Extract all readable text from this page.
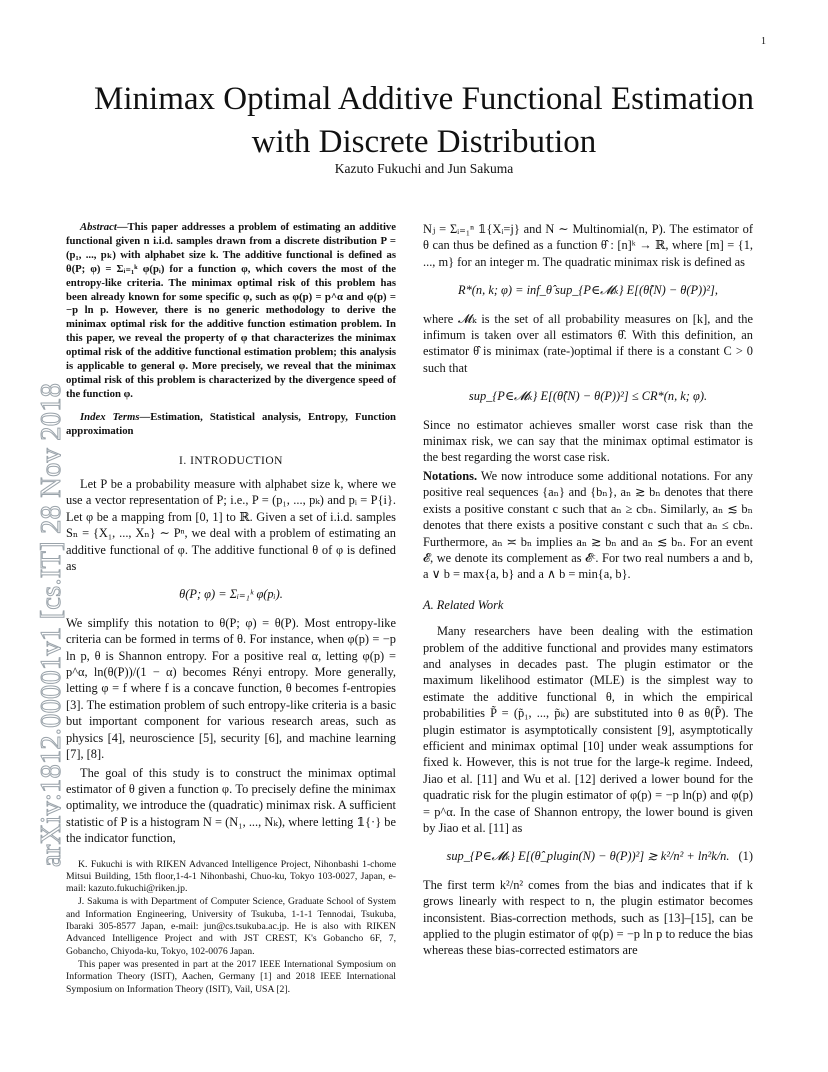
1
arXiv:1812.00001v1 [cs.IT] 28 Nov 2018
Minimax Optimal Additive Functional Estimation
with Discrete Distribution
Kazuto Fukuchi and Jun Sakuma

Abstract—This paper addresses a problem of estimating an additive functional given n i.i.d. samples drawn from a discrete distribution P = (p₁, ..., pₖ) with alphabet size k. The additive functional is defined as θ(P; φ) = Σᵢ₌₁ᵏ φ(pᵢ) for a function φ, which covers the most of the entropy-like criteria. The minimax optimal risk of this problem has been already known for some specific φ, such as φ(p) = p^α and φ(p) = −p ln p. However, there is no generic methodology to derive the minimax optimal risk for the additive function estimation problem. In this paper, we reveal the property of φ that characterizes the minimax optimal risk of the additive functional estimation problem; this analysis is applicable to general φ. More precisely, we reveal that the minimax optimal risk of this problem is characterized by the divergence speed of the function φ.

Index Terms—Estimation, Statistical analysis, Entropy, Function approximation

I. INTRODUCTION

Let P be a probability measure with alphabet size k, where we use a vector representation of P; i.e., P = (p₁, ..., pₖ) and pᵢ = P{i}. Let φ be a mapping from [0, 1] to ℝ. Given a set of i.i.d. samples Sₙ = {X₁, ..., Xₙ} ∼ Pⁿ, we deal with a problem of estimating an additive functional of φ. The additive functional θ of φ is defined as

θ(P; φ) = Σᵢ₌₁ᵏ φ(pᵢ).

We simplify this notation to θ(P; φ) = θ(P). Most entropy-like criteria can be formed in terms of θ. For instance, when φ(p) = −p ln p, θ is Shannon entropy. For a positive real α, letting φ(p) = p^α, ln(θ(P))/(1 − α) becomes Rényi entropy. More generally, letting φ = f where f is a concave function, θ becomes f-entropies [3]. The estimation problem of such entropy-like criteria is a basic but important component for various research areas, such as physics [4], neuroscience [5], security [6], and machine learning [7], [8].

The goal of this study is to construct the minimax optimal estimator of θ given a function φ. To precisely define the minimax optimality, we introduce the (quadratic) minimax risk. A sufficient statistic of P is a histogram N = (N₁, ..., Nₖ), where letting 𝟙{·} be the indicator function,

K. Fukuchi is with RIKEN Advanced Intelligence Project, Nihonbashi 1-chome Mitsui Building, 15th floor,1-4-1 Nihonbashi, Chuo-ku, Tokyo 103-0027, Japan, e-mail: kazuto.fukuchi@riken.jp.

J. Sakuma is with Department of Computer Science, Graduate School of System and Information Engineering, University of Tsukuba, 1-1-1 Tennodai, Tsukuba, Ibaraki 305-8577 Japan, e-mail: jun@cs.tsukuba.ac.jp. He is also with RIKEN Advanced Intelligence Project and with JST CREST, K's Gobancho 6F, 7, Gobancho, Chiyoda-ku, Tokyo, 102-0076 Japan.

This paper was presented in part at the 2017 IEEE International Symposium on Information Theory (ISIT), Aachen, Germany [1] and 2018 IEEE International Symposium on Information Theory (ISIT), Vail, USA [2].

Nⱼ = Σᵢ₌₁ⁿ 𝟙{Xᵢ=j} and N ∼ Multinomial(n, P). The estimator of θ can thus be defined as a function θ̂ : [n]ᵏ → ℝ, where [m] = {1, ..., m} for an integer m. The quadratic minimax risk is defined as

R*(n, k; φ) = inf_θ̂ sup_{P∈𝓜ₖ} E[(θ̂(N) − θ(P))²],

where 𝓜ₖ is the set of all probability measures on [k], and the infimum is taken over all estimators θ̂. With this definition, an estimator θ̂ is minimax (rate-)optimal if there is a constant C > 0 such that

sup_{P∈𝓜ₖ} E[(θ̂(N) − θ(P))²] ≤ CR*(n, k; φ).

Since no estimator achieves smaller worst case risk than the minimax risk, we can say that the minimax optimal estimator is the best regarding the worst case risk.

Notations. We now introduce some additional notations. For any positive real sequences {aₙ} and {bₙ}, aₙ ≳ bₙ denotes that there exists a positive constant c such that aₙ ≥ cbₙ. Similarly, aₙ ≲ bₙ denotes that there exists a positive constant c such that aₙ ≤ cbₙ. Furthermore, aₙ ≍ bₙ implies aₙ ≳ bₙ and aₙ ≲ bₙ. For an event 𝓔, we denote its complement as 𝓔ᶜ. For two real numbers a and b, a ∨ b = max{a, b} and a ∧ b = min{a, b}.

A. Related Work

Many researchers have been dealing with the estimation problem of the additive functional and provides many estimators and analyses in decades past. The plugin estimator or the maximum likelihood estimator (MLE) is the simplest way to estimate the additive functional θ, in which the empirical probabilities P̃ = (p̃₁, ..., p̃ₖ) are substituted into θ as θ(P̃). The plugin estimator is asymptotically consistent [9], asymptotically efficient and minimax optimal [10] under weak assumptions for fixed k. However, this is not true for the large-k regime. Indeed, Jiao et al. [11] and Wu et al. [12] derived a lower bound for the quadratic risk for the plugin estimator of φ(p) = −p ln(p) and φ(p) = p^α. In the case of Shannon entropy, the lower bound is given by Jiao et al. [11] as

sup_{P∈𝓜ₖ} E[(θ̂_plugin(N) − θ(P))²] ≳ k²/n² + ln²k/n. (1)

The first term k²/n² comes from the bias and indicates that if k grows linearly with respect to n, the plugin estimator becomes inconsistent. Bias-correction methods, such as [13]–[15], can be applied to the plugin estimator of φ(p) = −p ln p to reduce the bias whereas these bias-corrected estimators are
